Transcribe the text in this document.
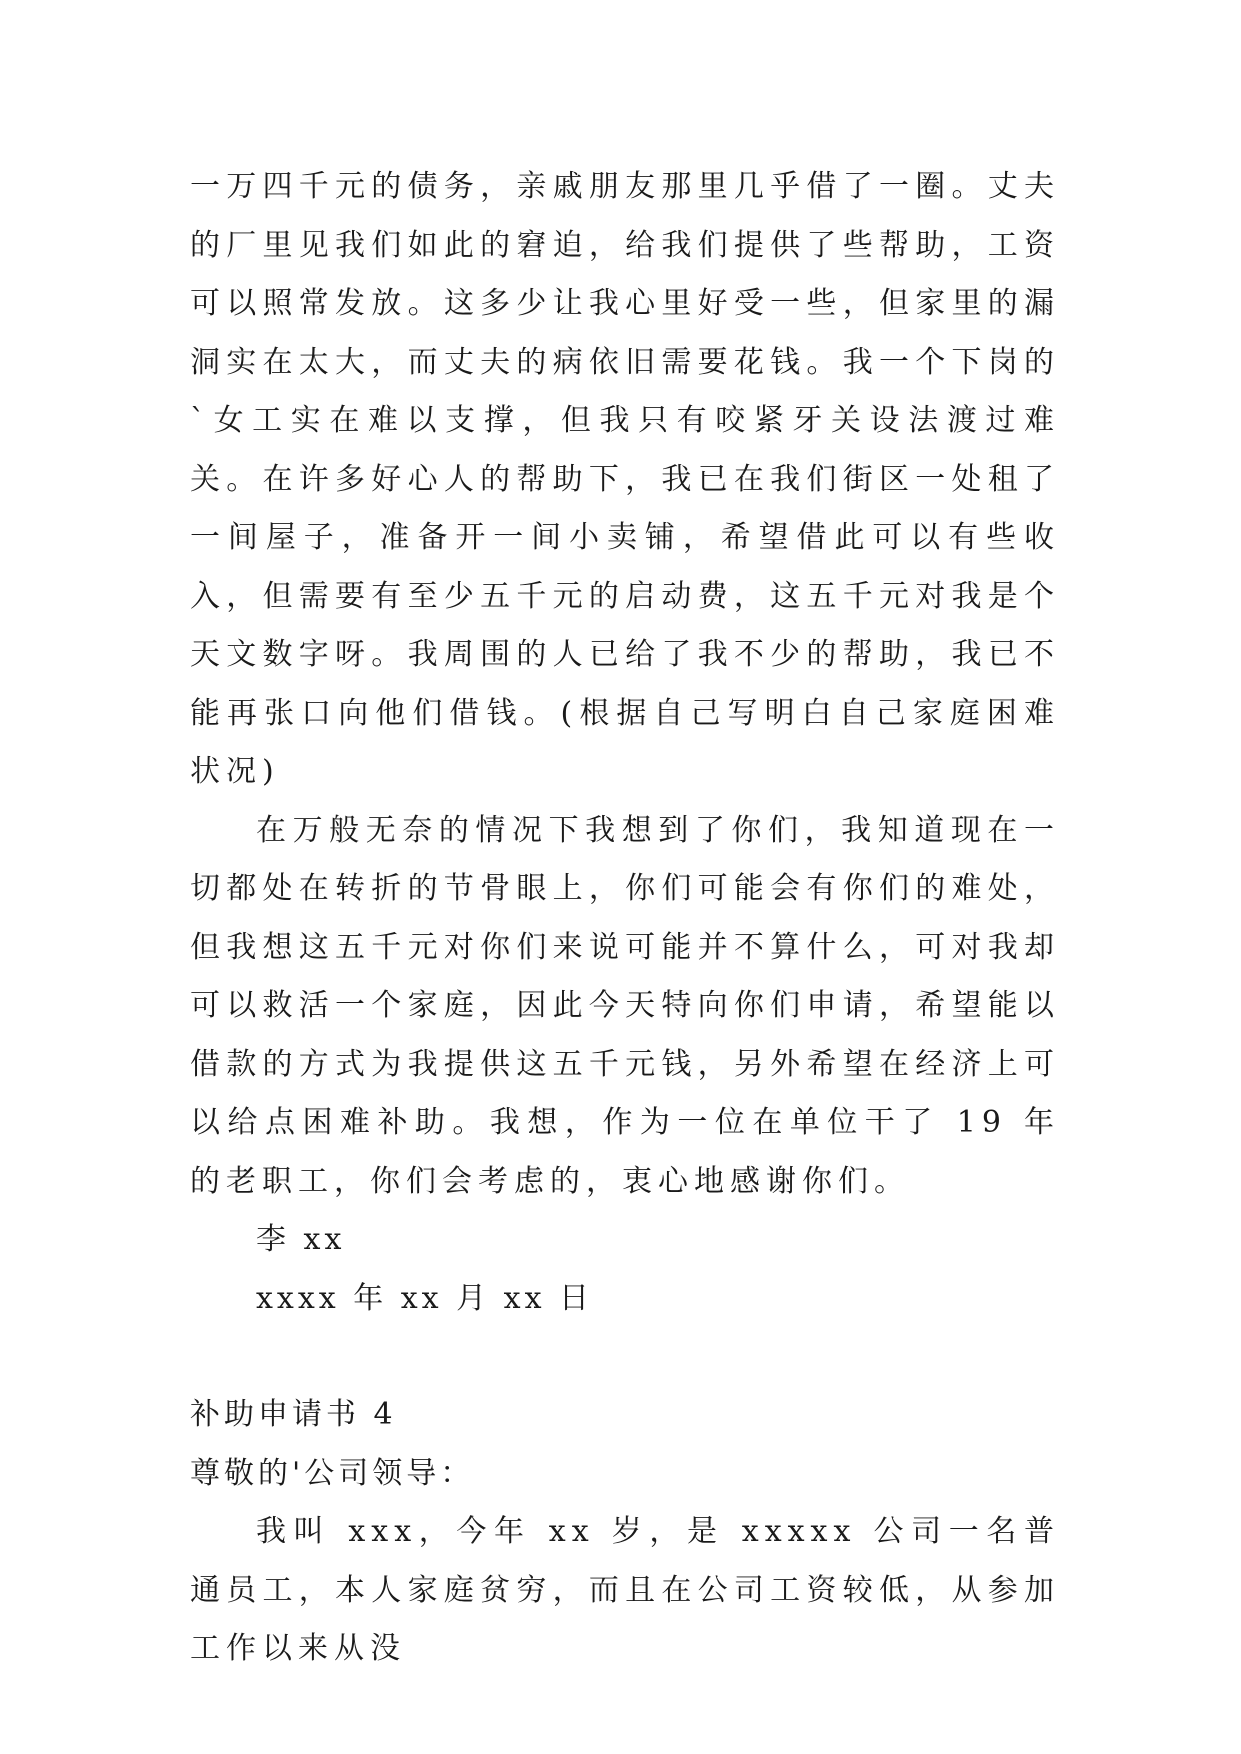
一万四千元的债务，亲戚朋友那里几乎借了一圈。丈夫的厂里见我们如此的窘迫，给我们提供了些帮助，工资可以照常发放。这多少让我心里好受一些，但家里的漏洞实在太大，而丈夫的病依旧需要花钱。我一个下岗的`女工实在难以支撑，但我只有咬紧牙关设法渡过难关。在许多好心人的帮助下，我已在我们街区一处租了一间屋子，准备开一间小卖铺，希望借此可以有些收入，但需要有至少五千元的启动费，这五千元对我是个天文数字呀。我周围的人已给了我不少的帮助，我已不能再张口向他们借钱。(根据自己写明白自己家庭困难状况)

在万般无奈的情况下我想到了你们，我知道现在一切都处在转折的节骨眼上，你们可能会有你们的难处，但我想这五千元对你们来说可能并不算什么，可对我却可以救活一个家庭，因此今天特向你们申请，希望能以借款的方式为我提供这五千元钱，另外希望在经济上可以给点困难补助。我想，作为一位在单位干了 19 年的老职工，你们会考虑的，衷心地感谢你们。

李 xx

xxxx 年 xx 月 xx 日

补助申请书 4

尊敬的'公司领导：

我叫 xxx，今年 xx 岁，是 xxxxx 公司一名普通员工，本人家庭贫穷，而且在公司工资较低，从参加工作以来从没
